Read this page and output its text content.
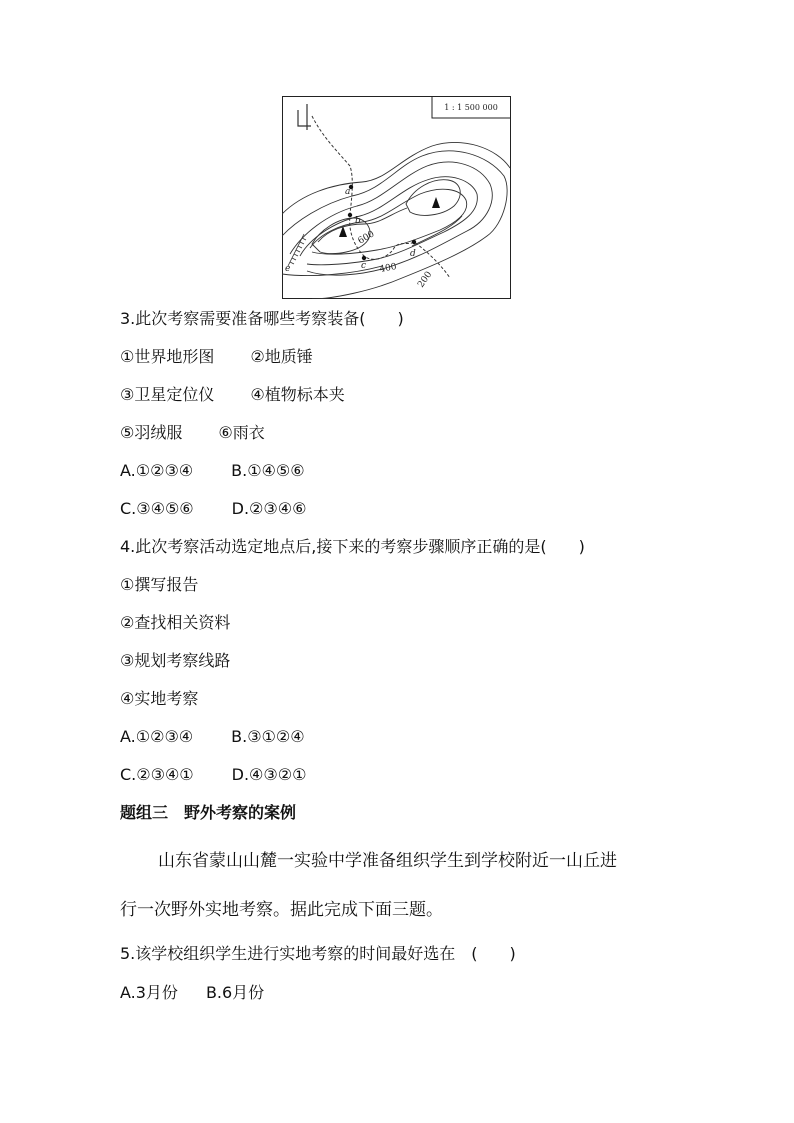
1 : 1 500 000
a
b
c
d
e
600
400
200
3.此次考察需要准备哪些考察装备(　　)
①世界地形图 ②地质锤
③卫星定位仪 ④植物标本夹
⑤羽绒服 ⑥雨衣
A.①②③④ B.①④⑤⑥
C.③④⑤⑥ D.②③④⑥
4.此次考察活动选定地点后,接下来的考察步骤顺序正确的是(　　)
①撰写报告
②查找相关资料
③规划考察线路
④实地考察
A.①②③④ B.③①②④
C.②③④① D.④③②①
题组三　野外考察的案例
山东省蒙山山麓一实验中学准备组织学生到学校附近一山丘进
行一次野外实地考察。据此完成下面三题。
5.该学校组织学生进行实地考察的时间最好选在　(　　)
A.3月份 B.6月份
